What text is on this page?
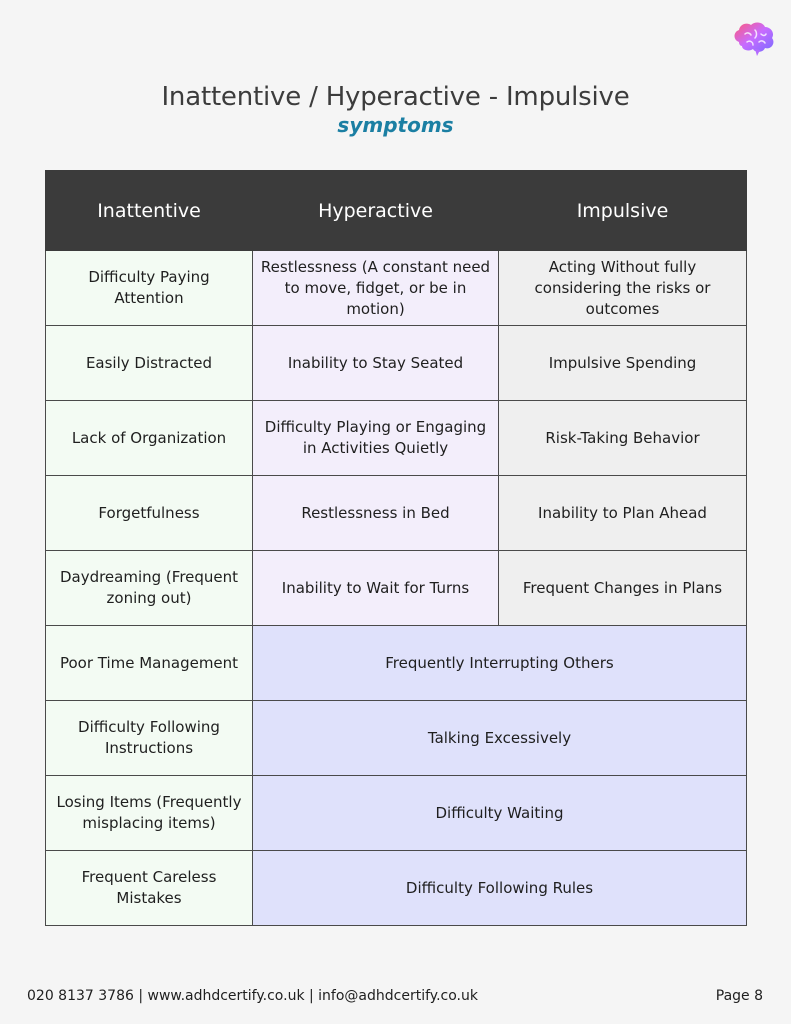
Inattentive / Hyperactive - Impulsive
symptoms
Inattentive	Hyperactive	Impulsive
Difficulty Paying Attention	Restlessness (A constant need to move, fidget, or be in motion)	Acting Without fully considering the risks or outcomes
Easily Distracted	Inability to Stay Seated	Impulsive Spending
Lack of Organization	Difficulty Playing or Engaging in Activities Quietly	Risk-Taking Behavior
Forgetfulness	Restlessness in Bed	Inability to Plan Ahead
Daydreaming (Frequent zoning out)	Inability to Wait for Turns	Frequent Changes in Plans
Poor Time Management	Frequently Interrupting Others	
Difficulty Following Instructions	Talking Excessively	
Losing Items (Frequently misplacing items)	Difficulty Waiting	
Frequent Careless Mistakes	Difficulty Following Rules	
020 8137 3786 | www.adhdcertify.co.uk | info@adhdcertify.co.uk	Page 8
